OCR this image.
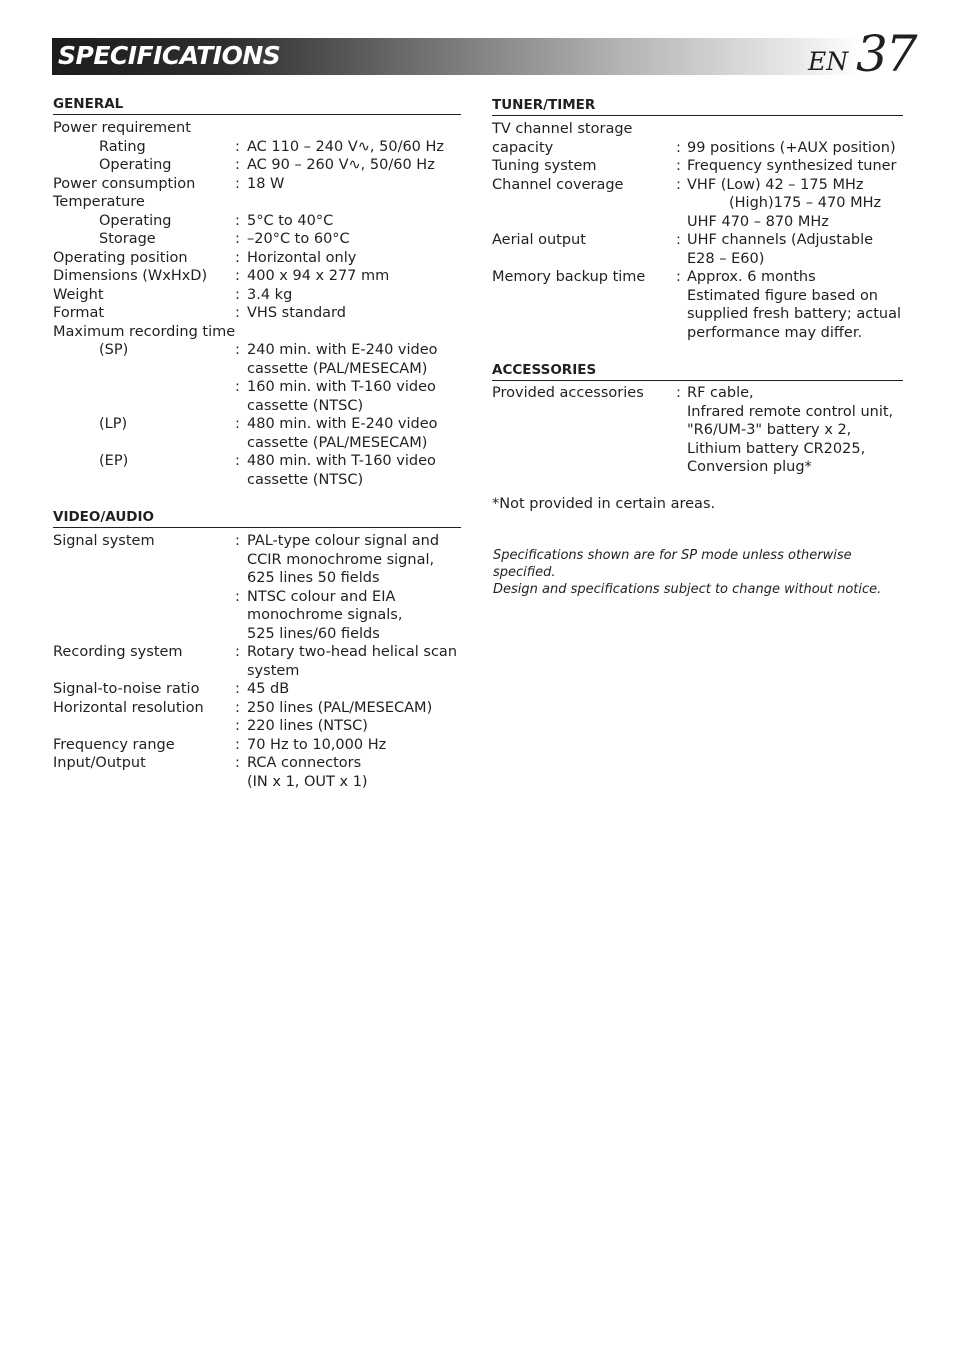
SPECIFICATIONS	EN 37
GENERAL
Power requirement
Rating	: AC 110 – 240 V∿, 50/60 Hz
Operating	: AC 90 – 260 V∿, 50/60 Hz
Power consumption	: 18 W
Temperature
Operating	: 5°C to 40°C
Storage	: –20°C to 60°C
Operating position	: Horizontal only
Dimensions (WxHxD) : 400 x 94 x 277 mm
Weight	: 3.4 kg
Format	: VHS standard
Maximum recording time
(SP)	: 240 min. with E-240 video
cassette (PAL/MESECAM)
: 160 min. with T-160 video
cassette (NTSC)
(LP)	: 480 min. with E-240 video
cassette (PAL/MESECAM)
(EP)	: 480 min. with T-160 video
cassette (NTSC)
VIDEO/AUDIO
Signal system	: PAL-type colour signal and
CCIR monochrome signal,
625 lines 50 fields
: NTSC colour and EIA
monochrome signals,
525 lines/60 fields
Recording system	: Rotary two-head helical scan
system
Signal-to-noise ratio : 45 dB
Horizontal resolution : 250 lines (PAL/MESECAM)
: 220 lines (NTSC)
Frequency range	: 70 Hz to 10,000 Hz
Input/Output	: RCA connectors
(IN x 1, OUT x 1)
TUNER/TIMER
TV channel storage
capacity	: 99 positions (+AUX position)
Tuning system	: Frequency synthesized tuner
Channel coverage	: VHF (Low) 42 – 175 MHz
(High)175 – 470 MHz
UHF 470 – 870 MHz
Aerial output	: UHF channels (Adjustable
E28 – E60)
Memory backup time : Approx. 6 months
Estimated figure based on
supplied fresh battery; actual
performance may differ.
ACCESSORIES
Provided accessories : RF cable,
Infrared remote control unit,
"R6/UM-3" battery x 2,
Lithium battery CR2025,
Conversion plug*
*Not provided in certain areas.
Specifications shown are for SP mode unless otherwise specified.
Design and specifications subject to change without notice.
